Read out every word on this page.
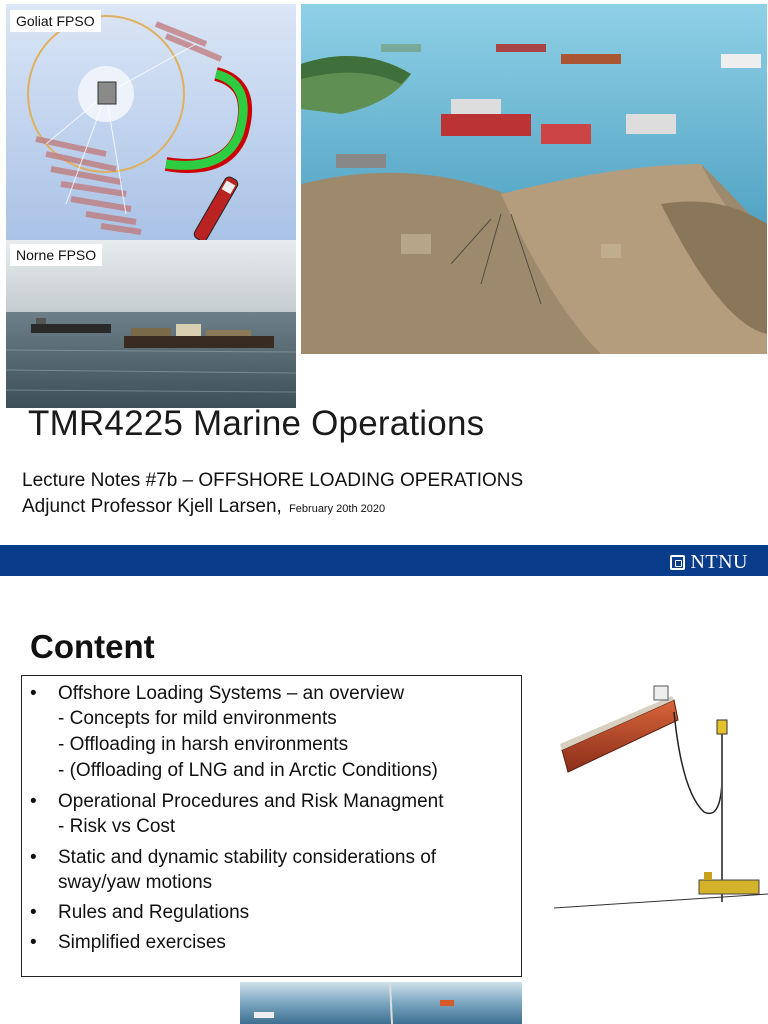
Goliat FPSO
Norne FPSO
TMR4225 Marine Operations
Lecture Notes #7b – OFFSHORE LOADING OPERATIONS
Adjunct Professor Kjell Larsen, February 20th 2020
NTNU
Content
• Offshore Loading Systems – an overview
- Concepts for mild environments
- Offloading in harsh environments
- (Offloading of LNG and in Arctic Conditions)
• Operational Procedures and Risk Managment
- Risk vs Cost
• Static and dynamic stability considerations of sway/yaw motions
• Rules and Regulations
• Simplified exercises
